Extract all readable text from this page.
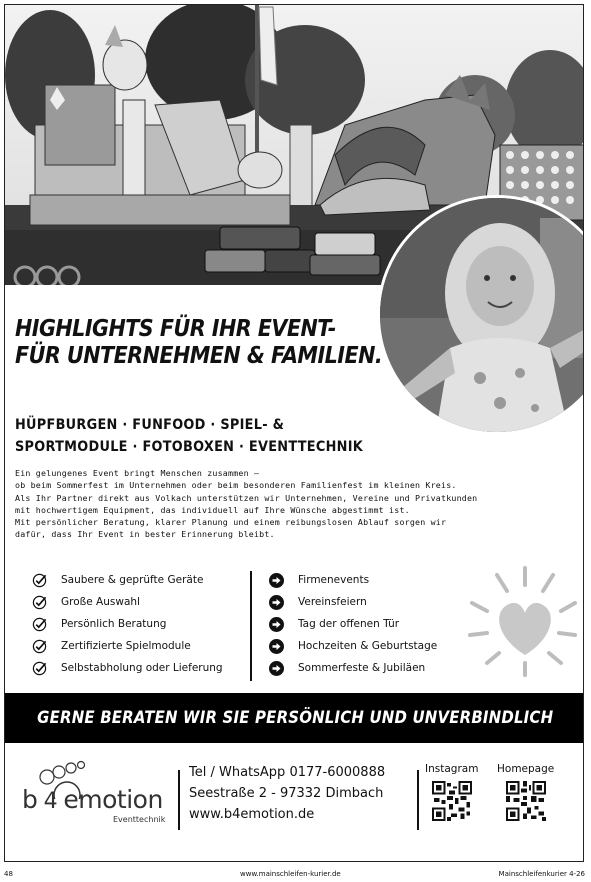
HIGHLIGHTS FÜR IHR EVENT-
FÜR UNTERNEHMEN & FAMILIEN.
HÜPFBURGEN · FUNFOOD · SPIEL- &
SPORTMODULE · FOTOBOXEN · EVENTTECHNIK
Ein gelungenes Event bringt Menschen zusammen –
ob beim Sommerfest im Unternehmen oder beim besonderen Familienfest im kleinen Kreis.
Als Ihr Partner direkt aus Volkach unterstützen wir Unternehmen, Vereine und Privatkunden
mit hochwertigem Equipment, das individuell auf Ihre Wünsche abgestimmt ist.
Mit persönlicher Beratung, klarer Planung und einem reibungslosen Ablauf sorgen wir
dafür, dass Ihr Event in bester Erinnerung bleibt.
Saubere & geprüfte Geräte
Große Auswahl
Persönlich Beratung
Zertifizierte Spielmodule
Selbstabholung oder Lieferung
Firmenevents
Vereinsfeiern
Tag der offenen Tür
Hochzeiten & Geburtstage
Sommerfeste & Jubiläen
GERNE BERATEN WIR SIE PERSÖNLICH UND UNVERBINDLICH
b 4 emotion
Eventtechnik
Tel / WhatsApp 0177-6000888
Seestraße 2 - 97332 Dimbach
www.b4emotion.de
Instagram Homepage
48	www.mainschleifen-kurier.de	Mainschleifenkurier 4-26
